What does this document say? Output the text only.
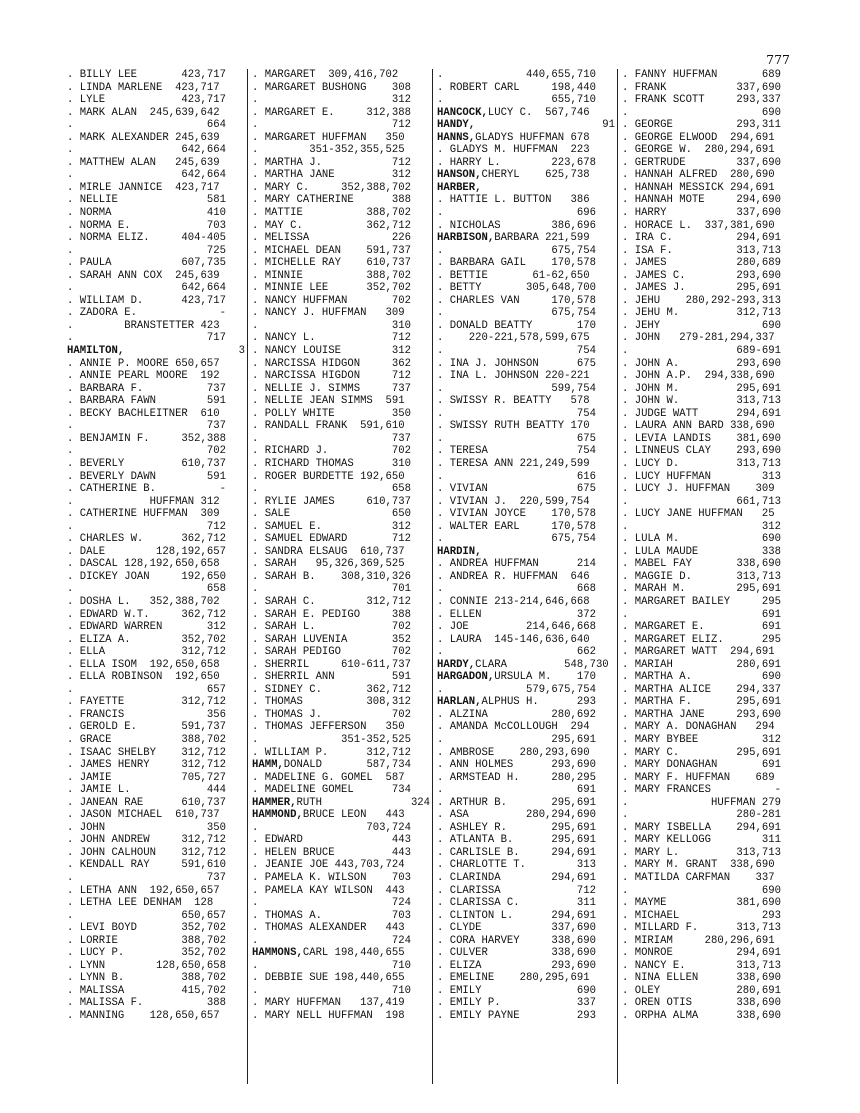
777
. BILLY LEE       423,717
. LINDA MARLENE  423,717
. LYLE            423,717
. MARK ALAN  245,639,642
.                     664
. MARK ALEXANDER 245,639
.                 642,664
. MATTHEW ALAN   245,639
.                 642,664
. MIRLE JANNICE  423,717
. NELLIE              581
. NORMA               410
. NORMA E.            703
. NORMA ELIZ.     404-405
.                     725
. PAULA           607,735
. SARAH ANN COX  245,639
.                 642,664
. WILLIAM D.      423,717
. ZADORA E.             -
.        BRANSTETTER 423
.                     717
HAMILTON,                  3
. ANNIE P. MOORE 650,657
. ANNIE PEARL MOORE  192
. BARBARA F.          737
. BARBARA FAWN        591
. BECKY BACHLEITNER  610
.                     737
. BENJAMIN F.     352,388
.                     702
. BEVERLY         610,737
. BEVERLY DAWN        591
. CATHERINE B.          -
.            HUFFMAN 312
. CATHERINE HUFFMAN  309
.                     712
. CHARLES W.      362,712
. DALE        128,192,657
. DASCAL 128,192,650,658
. DICKEY JOAN     192,650
.                     658
. DOSHA L.   352,388,702
. EDWARD W.T.     362,712
. EDWARD WARREN       312
. ELIZA A.        352,702
. ELLA            312,712
. ELLA ISOM  192,650,658
. ELLA ROBINSON  192,650
.                     657
. FAYETTE         312,712
. FRANCIS             356
. GEROLD E.       591,737
. GRACE           388,702
. ISAAC SHELBY    312,712
. JAMES HENRY     312,712
. JAMIE           705,727
. JAMIE L.            444
. JANEAN RAE      610,737
. JASON MICHAEL  610,737
. JOHN                350
. JOHN ANDREW     312,712
. JOHN CALHOUN    312,712
. KENDALL RAY     591,610
.                     737
. LETHA ANN  192,650,657
. LETHA LEE DENHAM  128
.                 650,657
. LEVI BOYD       352,702
. LORRIE          388,702
. LUCY P.         352,702
. LYNN        128,650,658
. LYNN B.         388,702
. MALISSA         415,702
. MALISSA F.          388
. MANNING    128,650,657
. MARGARET  309,416,702
. MARGARET BUSHONG    308
.                     312
. MARGARET E.     312,388
.                     712
. MARGARET HUFFMAN   350
.        351-352,355,525
. MARTHA J.           712
. MARTHA JANE         312
. MARY C.     352,388,702
. MARY CATHERINE      388
. MATTIE          388,702
. MAY C.          362,712
. MELISSA             226
. MICHAEL DEAN    591,737
. MICHELLE RAY    610,737
. MINNIE          388,702
. MINNIE LEE      352,702
. NANCY HUFFMAN       702
. NANCY J. HUFFMAN   309
.                     310
. NANCY L.            712
. NANCY LOUISE        312
. NARCISSA HIDGON     362
. NARCISSA HIGDON     712
. NELLIE J. SIMMS     737
. NELLIE JEAN SIMMS  591
. POLLY WHITE         350
. RANDALL FRANK  591,610
.                     737
. RICHARD J.          702
. RICHARD THOMAS      310
. ROGER BURDETTE 192,650
.                     658
. RYLIE JAMES     610,737
. SALE                650
. SAMUEL E.           312
. SAMUEL EDWARD       712
. SANDRA ELSAUG  610,737
. SARAH   95,326,369,525
. SARAH B.    308,310,326
.                     701
. SARAH C.        312,712
. SARAH E. PEDIGO     388
. SARAH L.            702
. SARAH LUVENIA       352
. SARAH PEDIGO        702
. SHERRIL     610-611,737
. SHERRIL ANN         591
. SIDNEY C.       362,712
. THOMAS          308,312
. THOMAS J.           702
. THOMAS JEFFERSON   350
.             351-352,525
. WILLIAM P.      312,712
HAMM,DONALD       587,734
. MADELINE G. GOMEL  587
. MADELINE GOMEL      734
HAMMER,RUTH              324
HAMMOND,BRUCE LEON   443
.                 703,724
. EDWARD              443
. HELEN BRUCE         443
. JEANIE JOE 443,703,724
. PAMELA K. WILSON    703
. PAMELA KAY WILSON  443
.                     724
. THOMAS A.           703
. THOMAS ALEXANDER   443
.                     724
HAMMONS,CARL 198,440,655
.                     710
. DEBBIE SUE 198,440,655
.                     710
. MARY HUFFMAN   137,419
. MARY NELL HUFFMAN  198
.             440,655,710
. ROBERT CARL     198,440
.                 655,710
HANCOCK,LUCY C.  567,746
HANDY,                    91
HANNS,GLADYS HUFFMAN 678
. GLADYS M. HUFFMAN  223
. HARRY L.        223,678
HANSON,CHERYL    625,738
HARBER,
. HATTIE L. BUTTON   386
.                     696
. NICHOLAS        386,696
HARBISON,BARBARA 221,599
.                 675,754
. BARBARA GAIL    170,578
. BETTIE       61-62,650
. BETTY       305,648,700
. CHARLES VAN     170,578
.                 675,754
. DONALD BEATTY       170
.    220-221,578,599,675
.                     754
. INA J. JOHNSON      675
. INA L. JOHNSON 220-221
.                 599,754
. SWISSY R. BEATTY   578
.                     754
. SWISSY RUTH BEATTY 170
.                     675
. TERESA              754
. TERESA ANN 221,249,599
.                     616
. VIVIAN              675
. VIVIAN J.  220,599,754
. VIVIAN JOYCE    170,578
. WALTER EARL     170,578
.                 675,754
HARDIN,
. ANDREA HUFFMAN      214
. ANDREA R. HUFFMAN  646
.                     668
. CONNIE 213-214,646,668
. ELLEN               372
. JOE         214,646,668
. LAURA  145-146,636,640
.                     662
HARDY,CLARA         548,730
HARGADON,URSULA M.    170
.             579,675,754
HARLAN,ALPHUS H.      293
. ALZINA          280,692
. AMANDA McCOLLOUGH  294
.                 295,691
. AMBROSE    280,293,690
. ANN HOLMES      293,690
. ARMSTEAD H.     280,295
.                     691
. ARTHUR B.       295,691
. ASA         280,294,690
. ASHLEY R.       295,691
. ATLANTA B.      295,691
. CARLISLE B.     294,691
. CHARLOTTE T.        313
. CLARINDA        294,691
. CLARISSA            712
. CLARISSA C.         311
. CLINTON L.      294,691
. CLYDE           337,690
. CORA HARVEY     338,690
. CULVER          338,690
. ELIZA           293,690
. EMELINE    280,295,691
. EMILY               690
. EMILY P.            337
. EMILY PAYNE         293
. FANNY HUFFMAN       689
. FRANK           337,690
. FRANK SCOTT     293,337
.                     690
. GEORGE          293,311
. GEORGE ELWOOD  294,691
. GEORGE W.  280,294,691
. GERTRUDE        337,690
. HANNAH ALFRED  280,690
. HANNAH MESSICK 294,691
. HANNAH MOTE     294,690
. HARRY           337,690
. HORACE L.  337,381,690
. IRA C.          294,691
. ISA F.          313,713
. JAMES           280,689
. JAMES C.        293,690
. JAMES J.        295,691
. JEHU    280,292-293,313
. JEHU M.         312,713
. JEHY                690
. JOHN   279-281,294,337
.                 689-691
. JOHN A.         293,690
. JOHN A.P.  294,338,690
. JOHN M.         295,691
. JOHN W.         313,713
. JUDGE WATT      294,691
. LAURA ANN BARD 338,690
. LEVIA LANDIS    381,690
. LINNEUS CLAY    293,690
. LUCY D.         313,713
. LUCY HUFFMAN        313
. LUCY J. HUFFMAN    309
.                 661,713
. LUCY JANE HUFFMAN   25
.                     312
. LULA M.             690
. LULA MAUDE          338
. MABEL FAY       338,690
. MAGGIE D.       313,713
. MARAH M.        295,691
. MARGARET BAILEY     295
.                     691
. MARGARET E.         691
. MARGARET ELIZ.      295
. MARGARET WATT  294,691
. MARIAH          280,691
. MARTHA A.           690
. MARTHA ALICE    294,337
. MARTHA F.       295,691
. MARTHA JANE     293,690
. MARY A. DONAGHAN   294
. MARY BYBEE          312
. MARY C.         295,691
. MARY DONAGHAN       691
. MARY F. HUFFMAN    689
. MARY FRANCES          -
.             HUFFMAN 279
.                 280-281
. MARY ISBELLA    294,691
. MARY KELLOGG        311
. MARY L.         313,713
. MARY M. GRANT  338,690
. MATILDA CARFMAN    337
.                     690
. MAYME           381,690
. MICHAEL             293
. MILLARD F.      313,713
. MIRIAM     280,296,691
. MONROE          294,691
. NANCY E.        313,713
. NINA ELLEN      338,690
. OLEY            280,691
. OREN OTIS       338,690
. ORPHA ALMA      338,690
